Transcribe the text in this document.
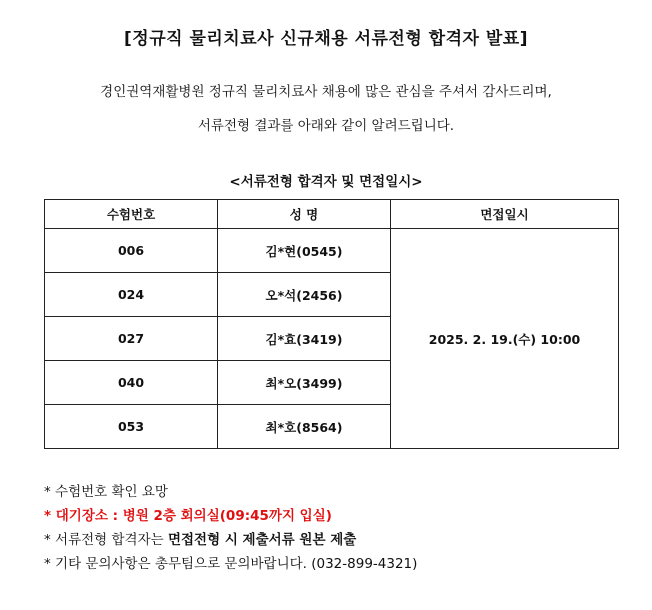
[정규직 물리치료사 신규채용 서류전형 합격자 발표]
경인권역재활병원 정규직 물리치료사 채용에 많은 관심을 주셔서 감사드리며,
서류전형 결과를 아래와 같이 알려드립니다.
<서류전형 합격자 및 면접일시>
수험번호	성 명	면접일시
006	김*현(0545)	2025. 2. 19.(수) 10:00
024	오*석(2456)	
027	김*효(3419)	
040	최*오(3499)	
053	최*호(8564)	
* 수험번호 확인 요망
* 대기장소 : 병원 2층 회의실(09:45까지 입실)
* 서류전형 합격자는 면접전형 시 제출서류 원본 제출
* 기타 문의사항은 총무팀으로 문의바랍니다. (032-899-4321)
